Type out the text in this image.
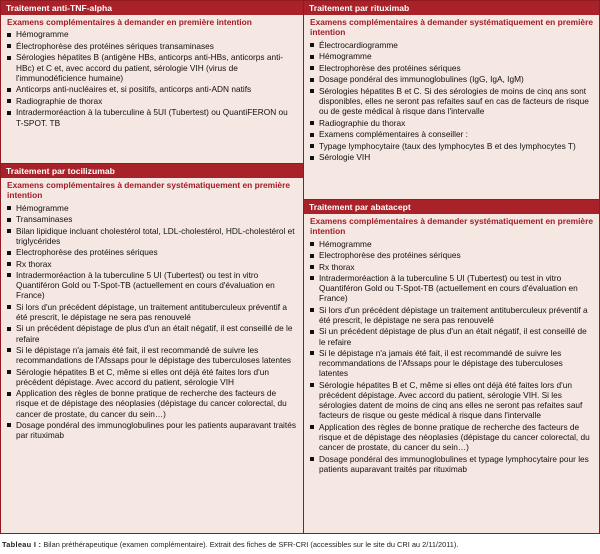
Traitement anti-TNF-alpha
Examens complémentaires à demander en première intention
Hémogramme
Électrophorèse des protéines sériques transaminases
Sérologies hépatites B (antigène HBs, anticorps anti-HBs, anticorps anti-HBc) et C et, avec accord du patient, sérologie VIH (virus de l'immunodéficience humaine)
Anticorps anti-nucléaires et, si positifs, anticorps anti-ADN natifs
Radiographie de thorax
Intradermoréaction à la tuberculine à 5UI (Tubertest) ou QuantiFERON ou T-SPOT. TB
Traitement par tocilizumab
Examens complémentaires à demander systématiquement en première intention
Hémogramme
Transaminases
Bilan lipidique incluant cholestérol total, LDL-cholestérol, HDL-cholestérol et triglycérides
Electrophorèse des protéines sériques
Rx thorax
Intradermoréaction à la tuberculine 5 UI (Tubertest) ou test in vitro Quantiféron Gold ou T-Spot-TB (actuellement en cours d'évaluation en France)
Si lors d'un précédent dépistage, un traitement antituberculeux préventif a été prescrit, le dépistage ne sera pas renouvelé
Si un précédent dépistage de plus d'un an était négatif, il est conseillé de le refaire
Si le dépistage n'a jamais été fait, il est recommandé de suivre les recommandations de l'Afssaps pour le dépistage des tuberculoses latentes
Sérologie hépatites B et C, même si elles ont déjà été faites lors d'un précédent dépistage. Avec accord du patient, sérologie VIH
Application des règles de bonne pratique de recherche des facteurs de risque et de dépistage des néoplasies (dépistage du cancer colorectal, du cancer de prostate, du cancer du sein…)
Dosage pondéral des immunoglobulines pour les patients auparavant traités par rituximab
Traitement par rituximab
Examens complémentaires à demander systématiquement en première intention
Électrocardiogramme
Hémogramme
Electrophorèse des protéines sériques
Dosage pondéral des immunoglobulines (IgG, IgA, IgM)
Sérologies hépatites B et C. Si des sérologies de moins de cinq ans sont disponibles, elles ne seront pas refaites sauf en cas de facteurs de risque ou de geste médical à risque dans l'intervalle
Radiographie du thorax
Examens complémentaires à conseiller :
Typage lymphocytaire (taux des lymphocytes B et des lymphocytes T)
Sérologie VIH
Traitement par abatacept
Examens complémentaires à demander systématiquement en première intention
Hémogramme
Electrophorèse des protéines sériques
Rx thorax
Intradermoréaction à la tuberculine 5 UI (Tubertest) ou test in vitro Quantiféron Gold ou T-Spot-TB (actuellement en cours d'évaluation en France)
Si lors d'un précédent dépistage un traitement antituberculeux préventif a été prescrit, le dépistage ne sera pas renouvelé
Si un précédent dépistage de plus d'un an était négatif, il est conseillé de le refaire
Si le dépistage n'a jamais été fait, il est recommandé de suivre les recommandations de l'Afssaps pour le dépistage des tuberculoses latentes
Sérologie hépatites B et C, même si elles ont déjà été faites lors d'un précédent dépistage. Avec accord du patient, sérologie VIH. Si les sérologies datent de moins de cinq ans elles ne seront pas refaites sauf facteurs de risque ou geste médical à risque dans l'intervalle
Application des règles de bonne pratique de recherche des facteurs de risque et de dépistage des néoplasies (dépistage du cancer colorectal, du cancer de prostate, du cancer du sein…)
Dosage pondéral des immunoglobulines et typage lymphocytaire pour les patients auparavant traités par rituximab
Tableau I : Bilan préthérapeutique (examen complémentaire). Extrait des fiches de SFR-CRI (accessibles sur le site du CRI au 2/11/2011).
